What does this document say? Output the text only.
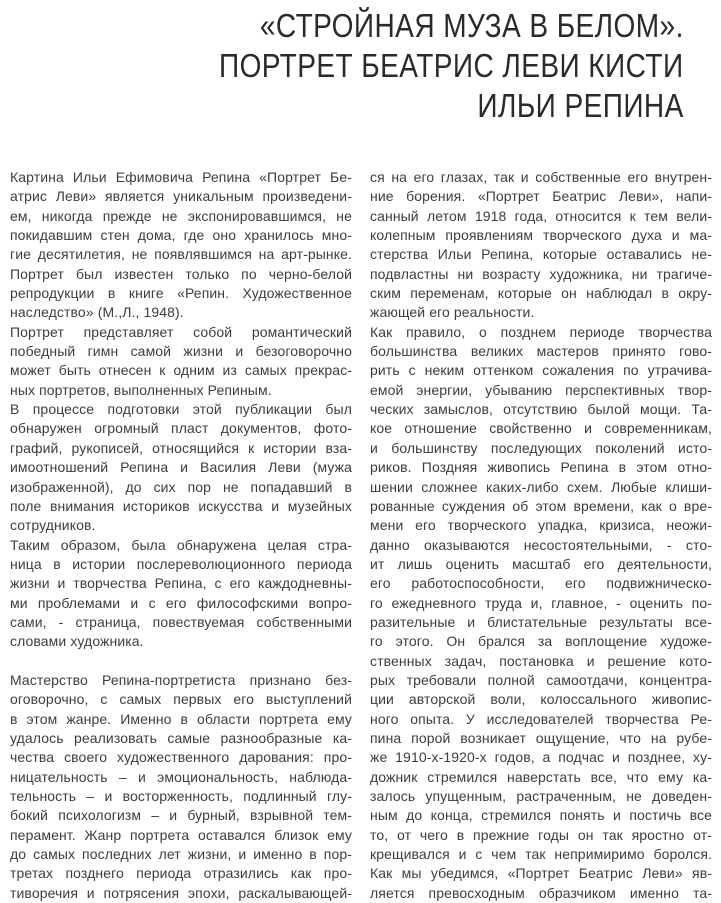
«СТРОЙНАЯ МУЗА В БЕЛОМ».
ПОРТРЕТ БЕАТРИС ЛЕВИ КИСТИ
ИЛЬИ РЕПИНА
Картина Ильи Ефимовича Репина «Портрет Бе-
атрис Леви» является уникальным произведени-
ем, никогда прежде не экспонировавшимся, не
покидавшим стен дома, где оно хранилось мно-
гие десятилетия, не появлявшимся на арт-рынке.
Портрет был известен только по черно-белой
репродукции в книге «Репин. Художественное
наследство» (М.,Л., 1948).
Портрет представляет собой романтический
победный гимн самой жизни и безоговорочно
может быть отнесен к одним из самых прекрас-
ных портретов, выполненных Репиным.
В процессе подготовки этой публикации был
обнаружен огромный пласт документов, фото-
графий, рукописей, относящийся к истории вза-
имоотношений Репина и Василия Леви (мужа
изображенной), до сих пор не попадавший в
поле внимания историков искусства и музейных
сотрудников.
Таким образом, была обнаружена целая стра-
ница в истории послереволюционного периода
жизни и творчества Репина, с его каждодневны-
ми проблемами и с его философскими вопро-
сами, - страница, повествуемая собственными
словами художника.
Мастерство Репина-портретиста признано без-
оговорочно, с самых первых его выступлений
в этом жанре. Именно в области портрета ему
удалось реализовать самые разнообразные ка-
чества своего художественного дарования: про-
ницательность – и эмоциональность, наблюда-
тельность – и восторженность, подлинный глу-
бокий психологизм – и бурный, взрывной тем-
перамент. Жанр портрета оставался близок ему
до самых последних лет жизни, и именно в пор-
третах позднего периода отразились как про-
тиворечия и потрясения эпохи, раскалывающей-
ся на его глазах, так и собственные его внутрен-
ние борения. «Портрет Беатрис Леви», напи-
санный летом 1918 года, относится к тем вели-
колепным проявлениям творческого духа и ма-
стерства Ильи Репина, которые оставались не-
подвластны ни возрасту художника, ни трагиче-
ским переменам, которые он наблюдал в окру-
жающей его реальности.
Как правило, о позднем периоде творчества
большинства великих мастеров принято гово-
рить с неким оттенком сожаления по утрачива-
емой энергии, убыванию перспективных твор-
ческих замыслов, отсутствию былой мощи. Та-
кое отношение свойственно и современникам,
и большинству последующих поколений исто-
риков. Поздняя живопись Репина в этом отно-
шении сложнее каких-либо схем. Любые клиши-
рованные суждения об этом времени, как о вре-
мени его творческого упадка, кризиса, неожи-
данно оказываются несостоятельными, - сто-
ит лишь оценить масштаб его деятельности,
его работоспособности, его подвижническо-
го ежедневного труда и, главное, - оценить по-
разительные и блистательные результаты все-
го этого. Он брался за воплощение художе-
ственных задач, постановка и решение кото-
рых требовали полной самоотдачи, концентра-
ции авторской воли, колоссального живопис-
ного опыта. У исследователей творчества Ре-
пина порой возникает ощущение, что на рубе-
же 1910-х-1920-х годов, а подчас и позднее, ху-
дожник стремился наверстать все, что ему ка-
залось упущенным, растраченным, не доведен-
ным до конца, стремился понять и постичь все
то, от чего в прежние годы он так яростно от-
крещивался и с чем так непримиримо боролся.
Как мы убедимся, «Портрет Беатрис Леви» яв-
ляется превосходным образчиком именно та-
